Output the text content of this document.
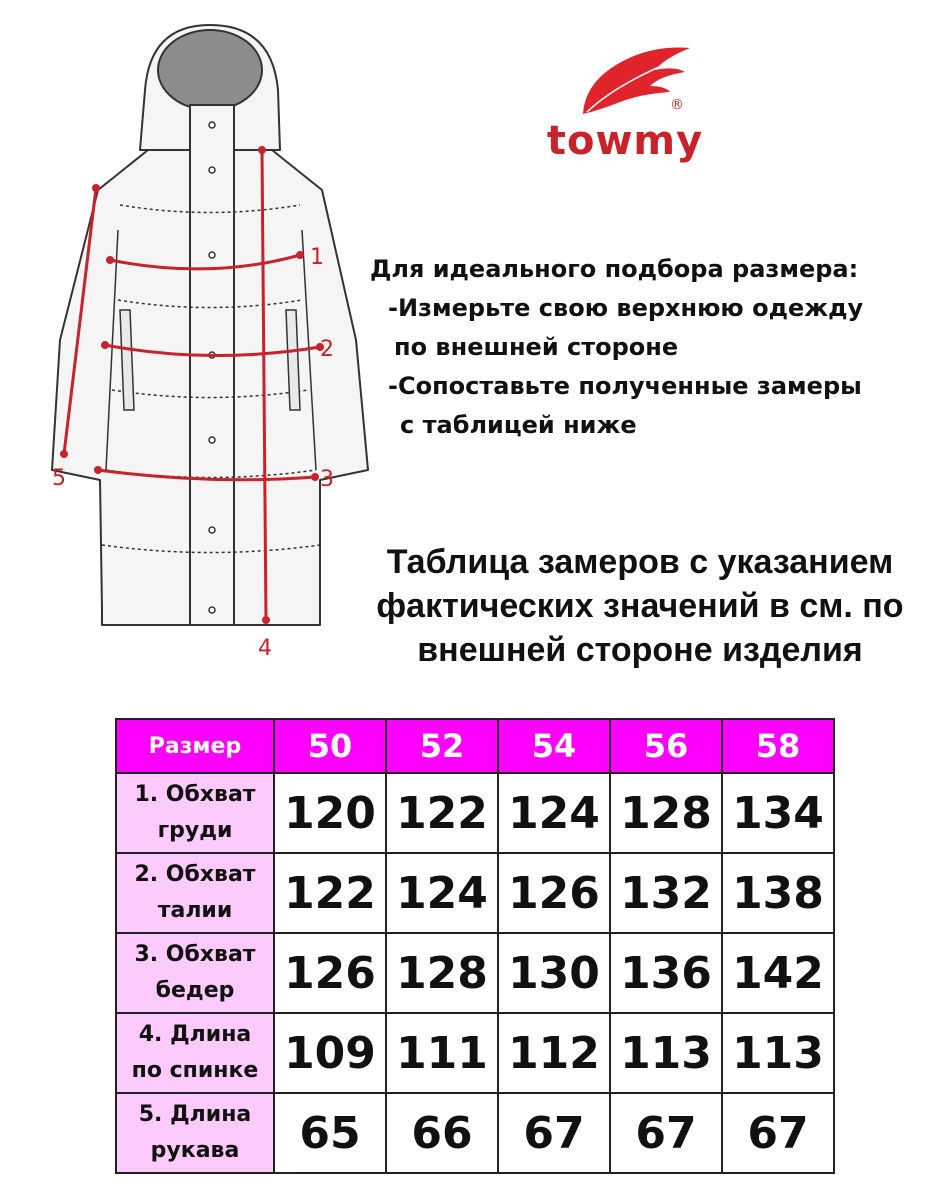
1
2
3
4
5
®
towmy
Для идеального подбора размера:
-Измерьте свою верхнюю одежду
по внешней стороне
-Сопоставьте полученные замеры
с таблицей ниже
Таблица замеров с указанием
фактических значений в см. по
внешней стороне изделия
Размер	50	52	54	56	58

1. Обхват
груди	120	122	124	128	134

2. Обхват
талии	122	124	126	132	138

3. Обхват
бедер	126	128	130	136	142

4. Длина
по спинке	109	111	112	113	113

5. Длина
рукава	65	66	67	67	67
